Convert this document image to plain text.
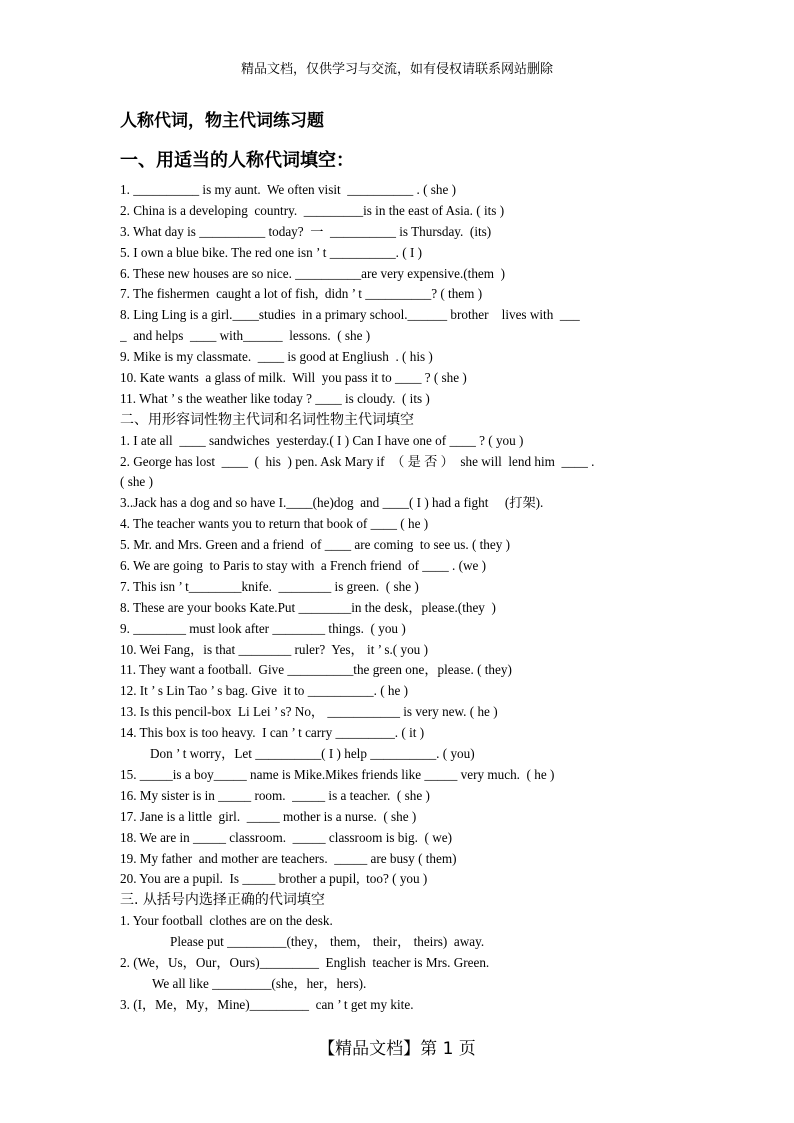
精品文档，仅供学习与交流，如有侵权请联系网站删除
人称代词，物主代词练习题
一、用适当的人称代词填空：
1. __________ is my aunt.  We often visit  __________ . ( she )
2. China is a developing  country.  _________is in the east of Asia. ( its )
3. What day is __________ today?  一  __________ is Thursday.  (its)
5. I own a blue bike. The red one isn ’ t __________. ( I )
6. These new houses are so nice. __________are very expensive.(them  )
7. The fishermen  caught a lot of fish,  didn ’ t __________? ( them )
8. Ling Ling is a girl.____studies  in a primary school.______ brother    lives with  ___
_  and helps  ____ with______  lessons.  ( she )
9. Mike is my classmate.  ____ is good at Engliush  . ( his )
10. Kate wants  a glass of milk.  Will  you pass it to ____ ? ( she )
11. What ’ s the weather like today ? ____ is cloudy.  ( its )
二、用形容词性物主代词和名词性物主代词填空
1. I ate all  ____ sandwiches  yesterday.( I ) Can I have one of ____ ? ( you )
2. George has lost  ____  (  his  ) pen. Ask Mary if  （ 是 否 ）  she will  lend him  ____ .
( she )
3..Jack has a dog and so have I.____(he)dog  and ____( I ) had a fight     (打架).
4. The teacher wants you to return that book of ____ ( he )
5. Mr. and Mrs. Green and a friend  of ____ are coming  to see us. ( they )
6. We are going  to Paris to stay with  a French friend  of ____ . (we )
7. This isn ’ t________knife.  ________ is green.  ( she )
8. These are your books Kate.Put ________in the desk，please.(they  )
9. ________ must look after ________ things.  ( you )
10. Wei Fang，is that ________ ruler?  Yes， it ’ s.( you )
11. They want a football.  Give __________the green one，please. ( they)
12. It ’ s Lin Tao ’ s bag. Give  it to __________. ( he )
13. Is this pencil-box  Li Lei ’ s? No， ___________ is very new. ( he )
14. This box is too heavy.  I can ’ t carry _________. ( it )
Don ’ t worry，Let __________( I ) help __________. ( you)
15. _____is a boy_____ name is Mike.Mikes friends like _____ very much.  ( he )
16. My sister is in _____ room.  _____ is a teacher.  ( she )
17. Jane is a little  girl.  _____ mother is a nurse.  ( she )
18. We are in _____ classroom.  _____ classroom is big.  ( we)
19. My father  and mother are teachers.  _____ are busy ( them)
20. You are a pupil.  Is _____ brother a pupil,  too? ( you )
三. 从括号内选择正确的代词填空
1. Your football  clothes are on the desk.
Please put _________(they， them， their， theirs)  away.
2. (We，Us，Our，Ours)_________  English  teacher is Mrs. Green.
We all like _________(she，her，hers).
3. (I，Me，My，Mine)_________  can ’ t get my kite.
【精品文档】第 1 页
